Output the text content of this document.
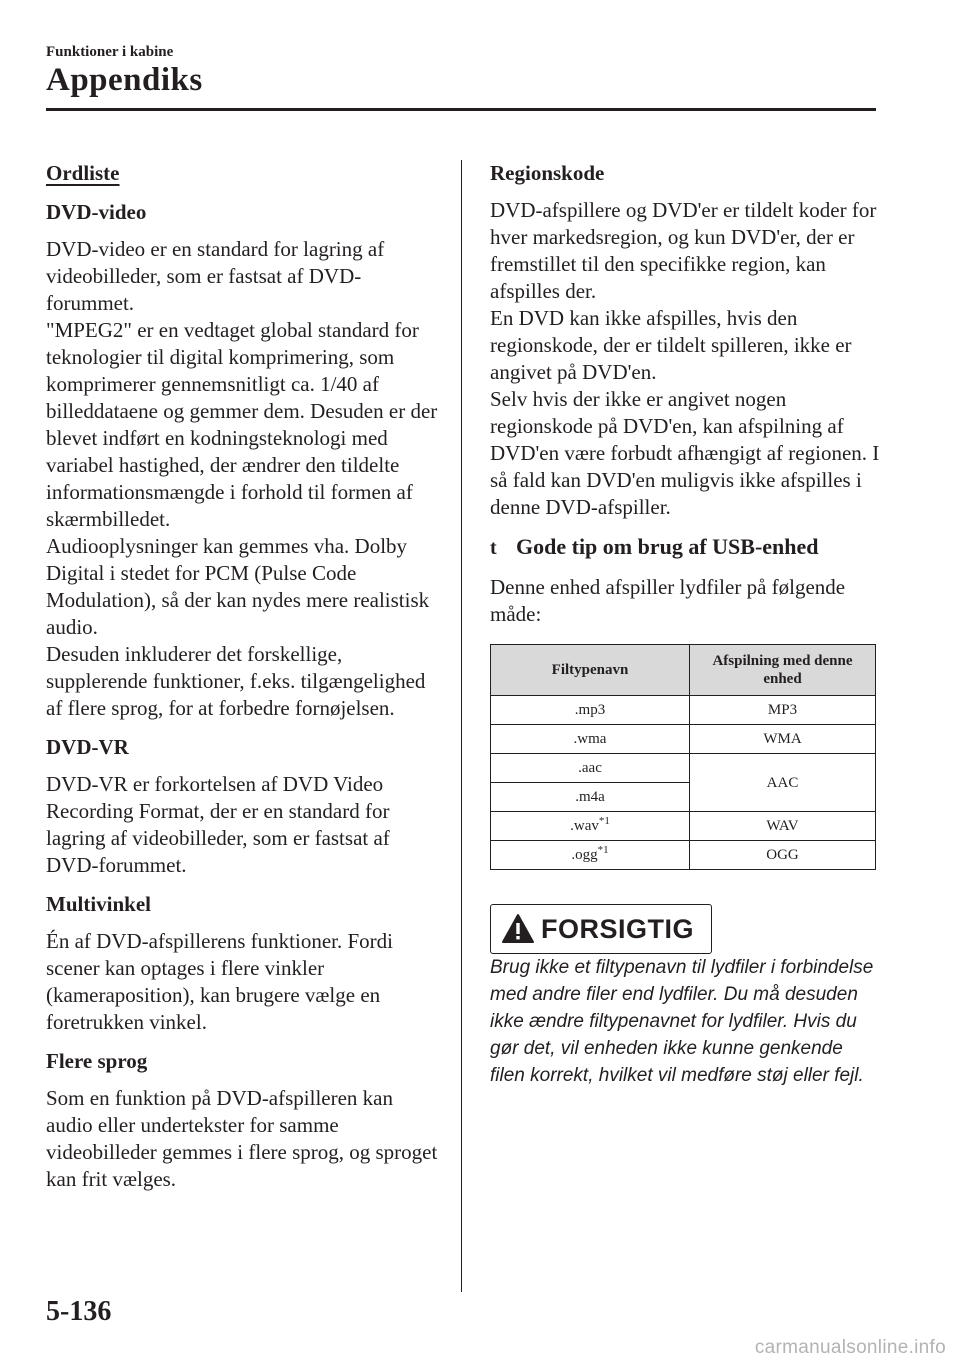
Funktioner i kabine
Appendiks
Ordliste
DVD-video

DVD-video er en standard for lagring af videobilleder, som er fastsat af DVD-forummet.

"MPEG2" er en vedtaget global standard for teknologier til digital komprimering, som komprimerer gennemsnitligt ca. 1/40 af billeddataene og gemmer dem. Desuden er der blevet indført en kodningsteknologi med variabel hastighed, der ændrer den tildelte informationsmængde i forhold til formen af skærmbilledet.

Audiooplysninger kan gemmes vha. Dolby Digital i stedet for PCM (Pulse Code Modulation), så der kan nydes mere realistisk audio.

Desuden inkluderer det forskellige, supplerende funktioner, f.eks. tilgængelighed af flere sprog, for at forbedre fornøjelsen.

DVD-VR

DVD-VR er forkortelsen af DVD Video Recording Format, der er en standard for lagring af videobilleder, som er fastsat af DVD-forummet.

Multivinkel

Én af DVD-afspillerens funktioner. Fordi scener kan optages i flere vinkler (kameraposition), kan brugere vælge en foretrukken vinkel.

Flere sprog

Som en funktion på DVD-afspilleren kan audio eller undertekster for samme videobilleder gemmes i flere sprog, og sproget kan frit vælges.

Regionskode

DVD-afspillere og DVD'er er tildelt koder for hver markedsregion, og kun DVD'er, der er fremstillet til den specifikke region, kan afspilles der.

En DVD kan ikke afspilles, hvis den regionskode, der er tildelt spilleren, ikke er angivet på DVD'en.

Selv hvis der ikke er angivet nogen regionskode på DVD'en, kan afspilning af DVD'en være forbudt afhængigt af regionen. I så fald kan DVD'en muligvis ikke afspilles i denne DVD-afspiller.

t Gode tip om brug af USB-enhed

Denne enhed afspiller lydfiler på følgende måde:

Filtypenavn	Afspilning med denne enhed
.mp3	MP3
.wma	WMA
.aac	AAC
.m4a	
.wav$^{*1}$	WAV
.ogg$^{*1}$	OGG
FORSIGTIG

Brug ikke et filtypenavn til lydfiler i forbindelse med andre filer end lydfiler. Du må desuden ikke ændre filtypenavnet for lydfiler. Hvis du gør det, vil enheden ikke kunne genkende filen korrekt, hvilket vil medføre støj eller fejl.

5-136
carmanualsonline.info
